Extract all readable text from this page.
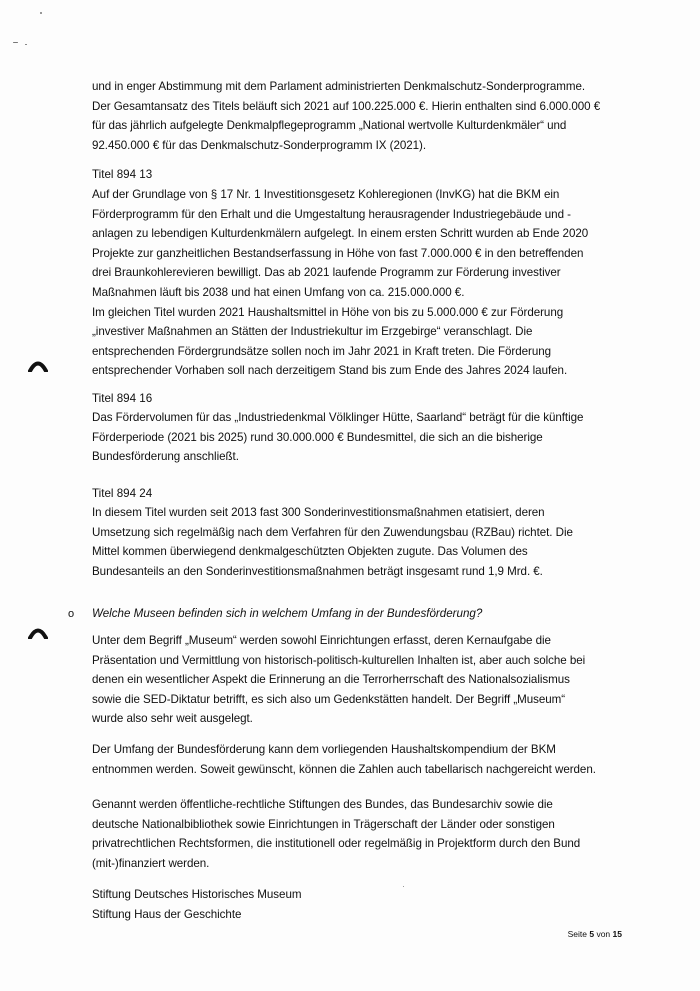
und in enger Abstimmung mit dem Parlament administrierten Denkmalschutz-Sonderprogramme.
Der Gesamtansatz des Titels beläuft sich 2021 auf 100.225.000 €. Hierin enthalten sind 6.000.000 €
für das jährlich aufgelegte Denkmalpflegeprogramm „National wertvolle Kulturdenkmäler“ und
92.450.000 € für das Denkmalschutz-Sonderprogramm IX (2021).
Titel 894 13
Auf der Grundlage von § 17 Nr. 1 Investitionsgesetz Kohleregionen (InvKG) hat die BKM ein
Förderprogramm für den Erhalt und die Umgestaltung herausragender Industriegebäude und -
anlagen zu lebendigen Kulturdenkmälern aufgelegt. In einem ersten Schritt wurden ab Ende 2020
Projekte zur ganzheitlichen Bestandserfassung in Höhe von fast 7.000.000 € in den betreffenden
drei Braunkohlerevieren bewilligt. Das ab 2021 laufende Programm zur Förderung investiver
Maßnahmen läuft bis 2038 und hat einen Umfang von ca. 215.000.000 €.
Im gleichen Titel wurden 2021 Haushaltsmittel in Höhe von bis zu 5.000.000 € zur Förderung
„investiver Maßnahmen an Stätten der Industriekultur im Erzgebirge“ veranschlagt. Die
entsprechenden Fördergrundsätze sollen noch im Jahr 2021 in Kraft treten. Die Förderung
entsprechender Vorhaben soll nach derzeitigem Stand bis zum Ende des Jahres 2024 laufen.
Titel 894 16
Das Fördervolumen für das „Industriedenkmal Völklinger Hütte, Saarland“ beträgt für die künftige
Förderperiode (2021 bis 2025) rund 30.000.000 € Bundesmittel, die sich an die bisherige
Bundesförderung anschließt.
Titel 894 24
In diesem Titel wurden seit 2013 fast 300 Sonderinvestitionsmaßnahmen etatisiert, deren
Umsetzung sich regelmäßig nach dem Verfahren für den Zuwendungsbau (RZBau) richtet. Die
Mittel kommen überwiegend denkmalgeschützten Objekten zugute. Das Volumen des
Bundesanteils an den Sonderinvestitionsmaßnahmen beträgt insgesamt rund 1,9 Mrd. €.
o Welche Museen befinden sich in welchem Umfang in der Bundesförderung?
Unter dem Begriff „Museum“ werden sowohl Einrichtungen erfasst, deren Kernaufgabe die
Präsentation und Vermittlung von historisch-politisch-kulturellen Inhalten ist, aber auch solche bei
denen ein wesentlicher Aspekt die Erinnerung an die Terrorherrschaft des Nationalsozialismus
sowie die SED-Diktatur betrifft, es sich also um Gedenkstätten handelt. Der Begriff „Museum“
wurde also sehr weit ausgelegt.
Der Umfang der Bundesförderung kann dem vorliegenden Haushaltskompendium der BKM
entnommen werden. Soweit gewünscht, können die Zahlen auch tabellarisch nachgereicht werden.
Genannt werden öffentliche-rechtliche Stiftungen des Bundes, das Bundesarchiv sowie die
deutsche Nationalbibliothek sowie Einrichtungen in Trägerschaft der Länder oder sonstigen
privatrechtlichen Rechtsformen, die institutionell oder regelmäßig in Projektform durch den Bund
(mit-)finanziert werden.
Stiftung Deutsches Historisches Museum
Stiftung Haus der Geschichte
Seite 5 von 15
